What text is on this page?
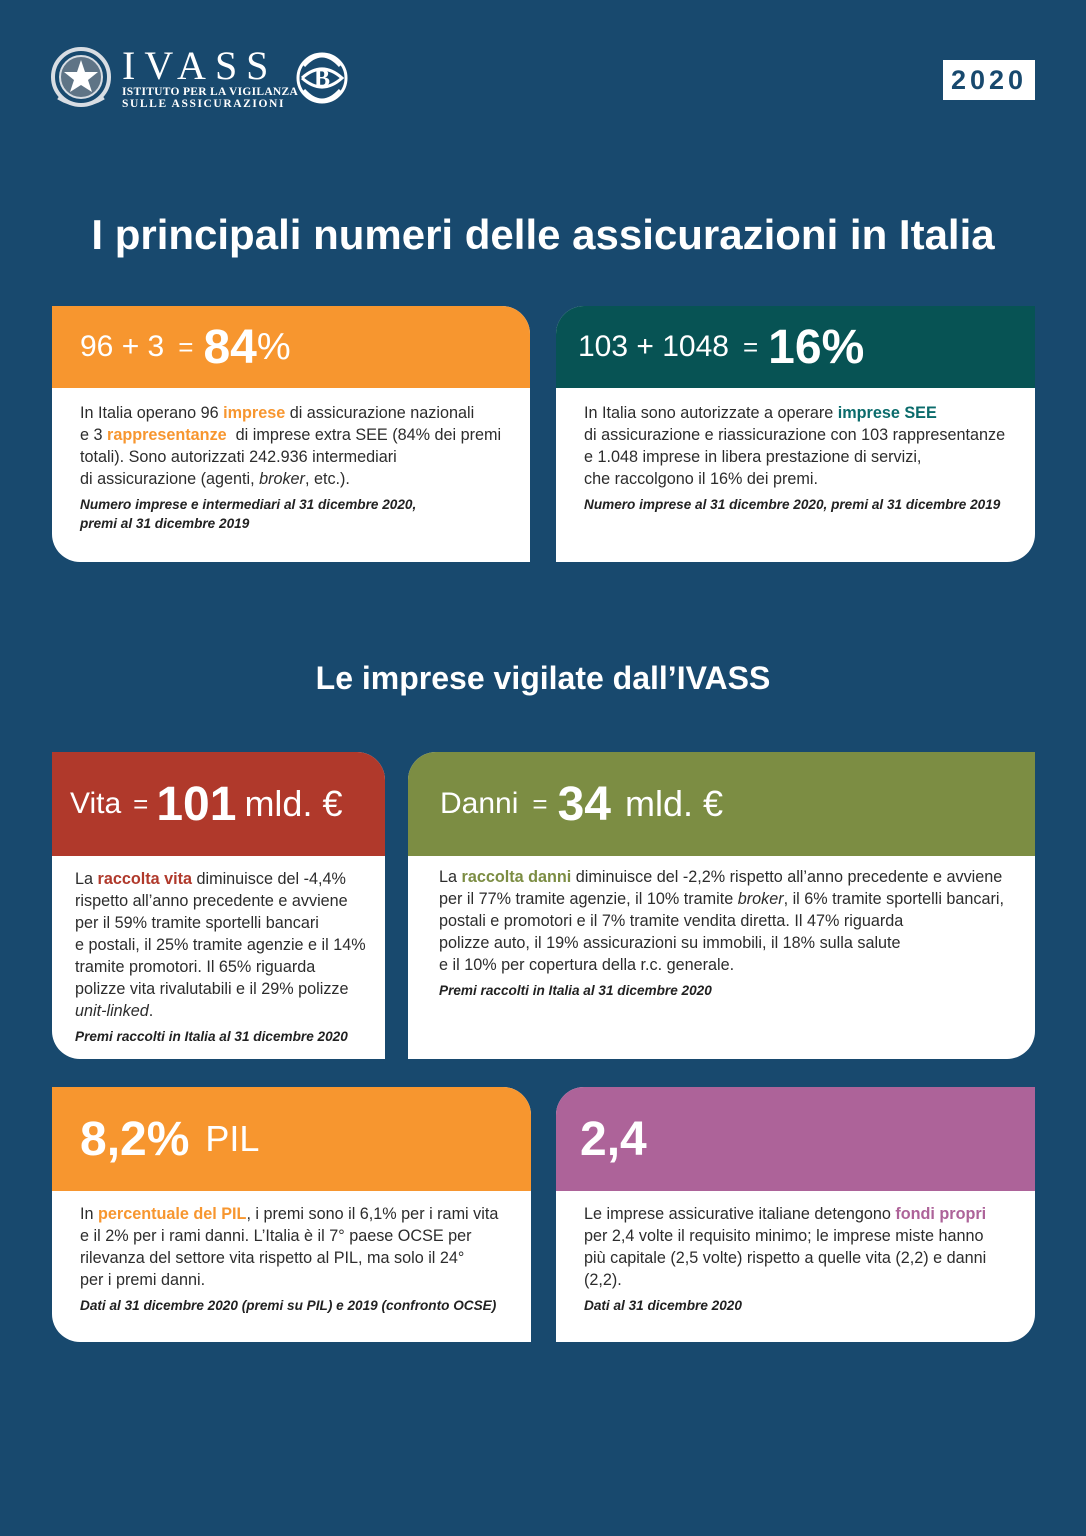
IVASS
ISTITUTO PER LA VIGILANZA
SULLE ASSICURAZIONI
B	2020
I principali numeri delle assicurazioni in Italia
96 + 3 = 84 %

In Italia operano 96 imprese di assicurazione nazionali

e 3 rappresentanze  di imprese extra SEE (84% dei premi

totali). Sono autorizzati 242.936 intermediari

di assicurazione (agenti, broker, etc.).

Numero imprese e intermediari al 31 dicembre 2020,

premi al 31 dicembre 2019

103 + 1048 = 16%

In Italia sono autorizzate a operare imprese SEE

di assicurazione e riassicurazione con 103 rappresentanze

e 1.048 imprese in libera prestazione di servizi,

che raccolgono il 16% dei premi.

Numero imprese al 31 dicembre 2020, premi al 31 dicembre 2019

Le imprese vigilate dall’IVASS
Vita = 101 mld. €

La raccolta vita diminuisce del -4,4%

rispetto all’anno precedente e avviene

per il 59% tramite sportelli bancari

e postali, il 25% tramite agenzie e il 14%

tramite promotori. Il 65% riguarda

polizze vita rivalutabili e il 29% polizze

unit-linked.

Premi raccolti in Italia al 31 dicembre 2020

Danni = 34 mld. €

La raccolta danni diminuisce del -2,2% rispetto all’anno precedente e avviene

per il 77% tramite agenzie, il 10% tramite broker, il 6% tramite sportelli bancari,

postali e promotori e il 7% tramite vendita diretta. Il 47% riguarda

polizze auto, il 19% assicurazioni su immobili, il 18% sulla salute

e il 10% per copertura della r.c. generale.

Premi raccolti in Italia al 31 dicembre 2020

8,2% PIL

In percentuale del PIL, i premi sono il 6,1% per i rami vita

e il 2% per i rami danni. L’Italia è il 7° paese OCSE per

rilevanza del settore vita rispetto al PIL, ma solo il 24°

per i premi danni.

Dati al 31 dicembre 2020 (premi su PIL) e 2019 (confronto OCSE)

2,4

Le imprese assicurative italiane detengono fondi propri

per 2,4 volte il requisito minimo; le imprese miste hanno

più capitale (2,5 volte) rispetto a quelle vita (2,2) e danni

(2,2).

Dati al 31 dicembre 2020
